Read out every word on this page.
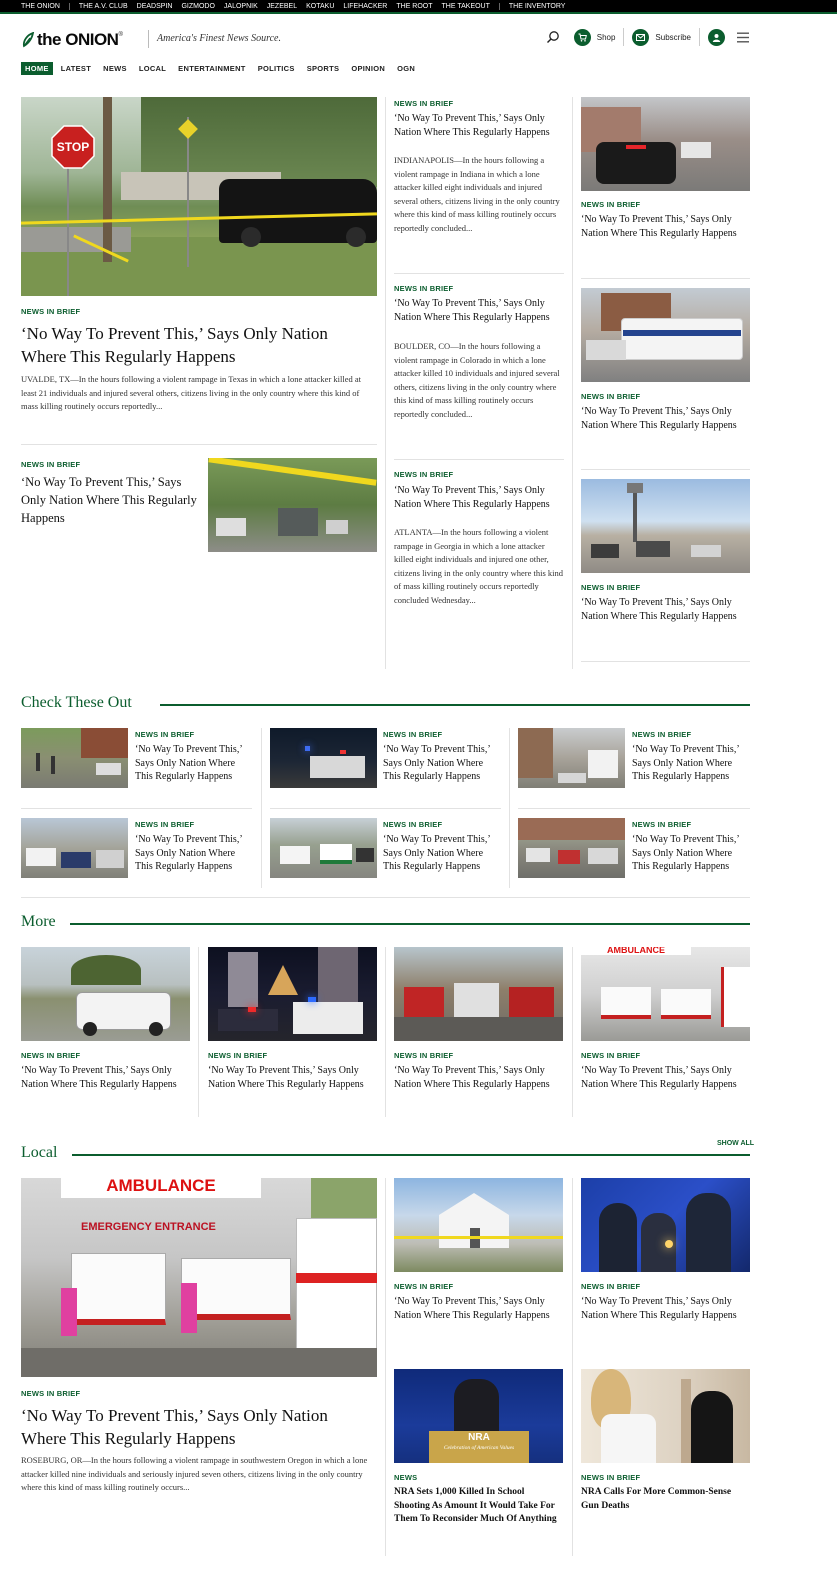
THE ONION	THE A.V. CLUB DEADSPIN GIZMODO JALOPNIK JEZEBEL KOTAKU LIFEHACKER THE ROOT THE TAKEOUT	THE INVENTORY
the ONION ®	America's Finest News Source.	Shop	Subscribe
HOME	LATEST NEWS LOCAL ENTERTAINMENT POLITICS SPORTS OPINION OGN
STOP
NEWS IN BRIEF
‘No Way To Prevent This,’ Says Only Nation Where This Regularly Happens
UVALDE, TX—In the hours following a violent rampage in Texas in which a lone attacker killed at least 21 individuals and injured several others, citizens living in the only country where this kind of mass killing routinely occurs reportedly...
NEWS IN BRIEF
‘No Way To Prevent This,’ Says Only Nation Where This Regularly Happens
NEWS IN BRIEF
‘No Way To Prevent This,’ Says Only Nation Where This Regularly Happens
INDIANAPOLIS—In the hours following a violent rampage in Indiana in which a lone attacker killed eight individuals and injured several others, citizens living in the only country where this kind of mass killing routinely occurs reportedly concluded...
NEWS IN BRIEF
‘No Way To Prevent This,’ Says Only Nation Where This Regularly Happens
BOULDER, CO—In the hours following a violent rampage in Colorado in which a lone attacker killed 10 individuals and injured several others, citizens living in the only country where this kind of mass killing routinely occurs reportedly concluded...
NEWS IN BRIEF
‘No Way To Prevent This,’ Says Only Nation Where This Regularly Happens
ATLANTA—In the hours following a violent rampage in Georgia in which a lone attacker killed eight individuals and injured one other, citizens living in the only country where this kind of mass killing routinely occurs reportedly concluded Wednesday...
NEWS IN BRIEF
‘No Way To Prevent This,’ Says Only Nation Where This Regularly Happens
NEWS IN BRIEF
‘No Way To Prevent This,’ Says Only Nation Where This Regularly Happens
NEWS IN BRIEF
‘No Way To Prevent This,’ Says Only Nation Where This Regularly Happens
Check These Out
NEWS IN BRIEF
‘No Way To Prevent This,’ Says Only Nation Where This Regularly Happens
NEWS IN BRIEF
‘No Way To Prevent This,’ Says Only Nation Where This Regularly Happens
NEWS IN BRIEF
‘No Way To Prevent This,’ Says Only Nation Where This Regularly Happens
NEWS IN BRIEF
‘No Way To Prevent This,’ Says Only Nation Where This Regularly Happens
NEWS IN BRIEF
‘No Way To Prevent This,’ Says Only Nation Where This Regularly Happens
NEWS IN BRIEF
‘No Way To Prevent This,’ Says Only Nation Where This Regularly Happens
More
NEWS IN BRIEF
‘No Way To Prevent This,’ Says Only Nation Where This Regularly Happens
NEWS IN BRIEF
‘No Way To Prevent This,’ Says Only Nation Where This Regularly Happens
NEWS IN BRIEF
‘No Way To Prevent This,’ Says Only Nation Where This Regularly Happens
AMBULANCE
NEWS IN BRIEF
‘No Way To Prevent This,’ Says Only Nation Where This Regularly Happens
Local
SHOW ALL
AMBULANCE
EMERGENCY ENTRANCE
NEWS IN BRIEF
‘No Way To Prevent This,’ Says Only Nation Where This Regularly Happens
ROSEBURG, OR—In the hours following a violent rampage in southwestern Oregon in which a lone attacker killed nine individuals and seriously injured seven others, citizens living in the only country where this kind of mass killing routinely occurs...
NEWS IN BRIEF
‘No Way To Prevent This,’ Says Only Nation Where This Regularly Happens
NEWS IN BRIEF
‘No Way To Prevent This,’ Says Only Nation Where This Regularly Happens
NRA
Celebration of American Values
NEWS
NRA Sets 1,000 Killed In School Shooting As Amount It Would Take For Them To Reconsider Much Of Anything
NEWS IN BRIEF
NRA Calls For More Common-Sense Gun Deaths
